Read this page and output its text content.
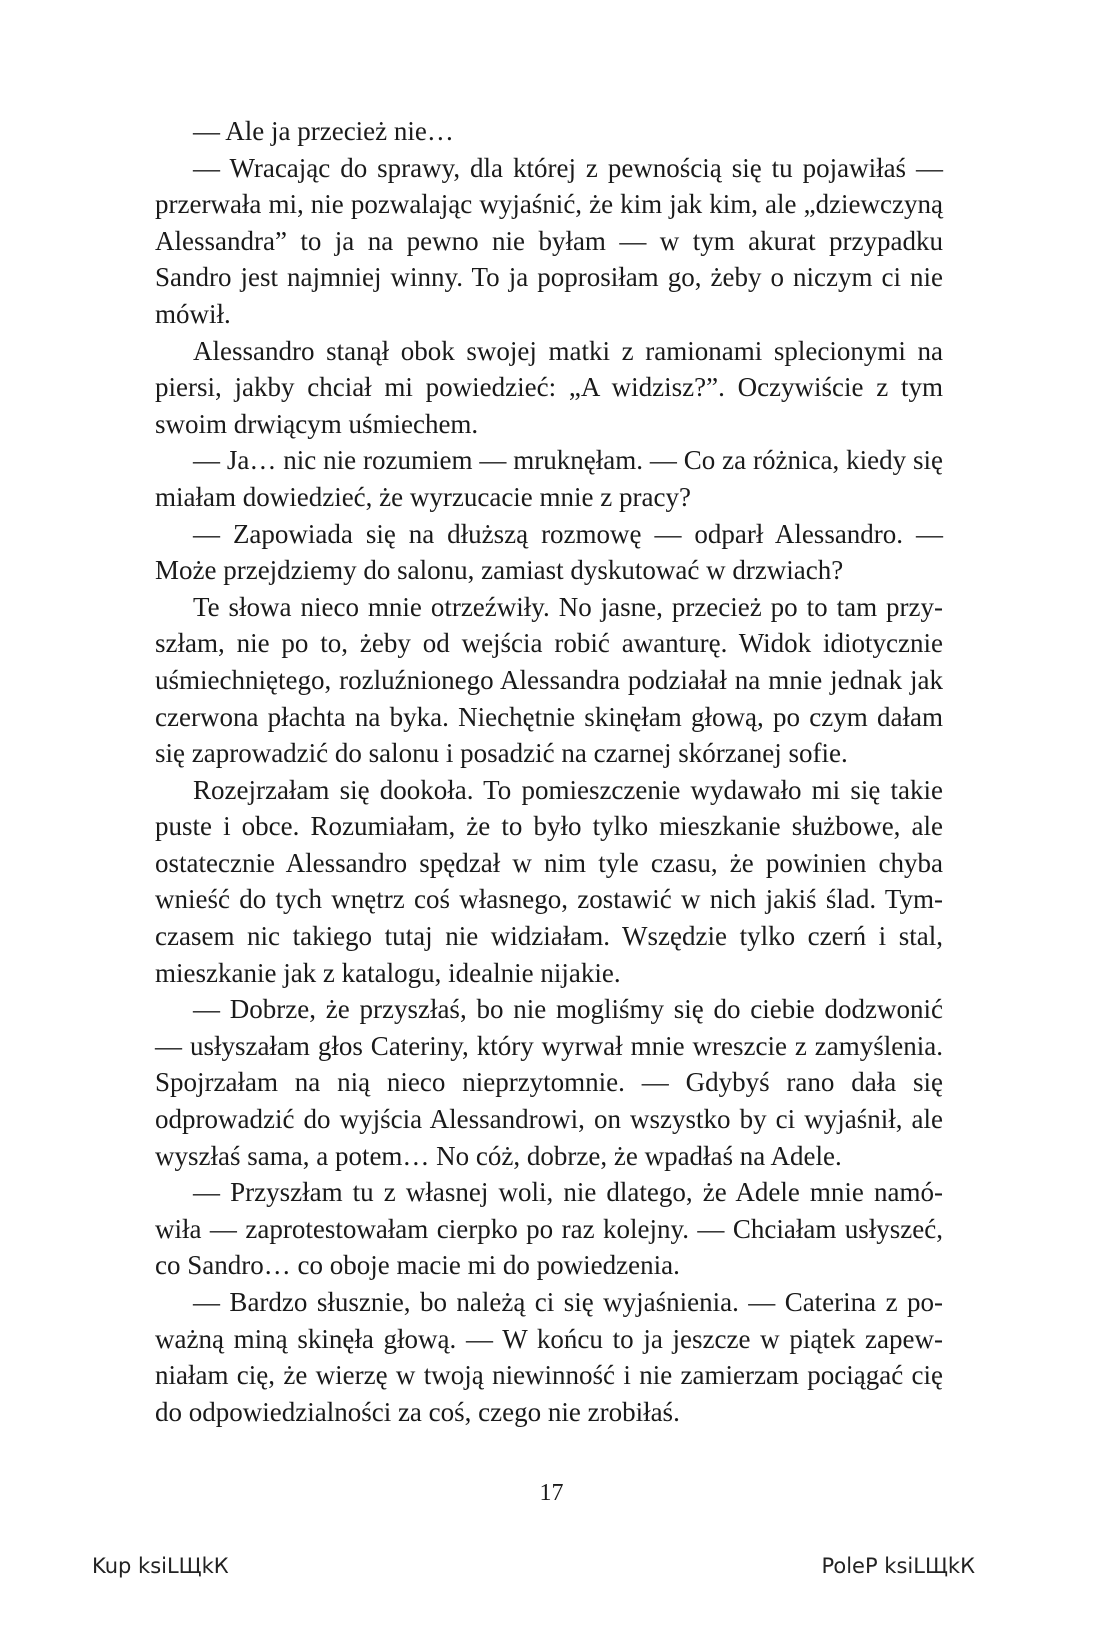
— Ale ja przecież nie…

— Wracając do sprawy, dla której z pewnością się tu pojawiłaś — przerwała mi, nie pozwalając wyjaśnić, że kim jak kim, ale „dziewczyną Alessandra” to ja na pewno nie byłam — w tym akurat przypadku Sandro jest najmniej winny. To ja poprosiłam go, żeby o niczym ci nie mówił.

Alessandro stanął obok swojej matki z ramionami splecionymi na piersi, jakby chciał mi powiedzieć: „A widzisz?”. Oczywiście z tym swoim drwiącym uśmiechem.

— Ja… nic nie rozumiem — mruknęłam. — Co za różnica, kiedy się miałam dowiedzieć, że wyrzucacie mnie z pracy?

— Zapowiada się na dłuższą rozmowę — odparł Alessandro. — Może przejdziemy do salonu, zamiast dyskutować w drzwiach?

Te słowa nieco mnie otrzeźwiły. No jasne, przecież po to tam przyszłam, nie po to, żeby od wejścia robić awanturę. Widok idiotycznie uśmiechniętego, rozluźnionego Alessandra podziałał na mnie jednak jak czerwona płachta na byka. Niechętnie skinęłam głową, po czym dałam się zaprowadzić do salonu i posadzić na czarnej skórzanej sofie.

Rozejrzałam się dookoła. To pomieszczenie wydawało mi się takie puste i obce. Rozumiałam, że to było tylko mieszkanie służbowe, ale ostatecznie Alessandro spędzał w nim tyle czasu, że powinien chyba wnieść do tych wnętrz coś własnego, zostawić w nich jakiś ślad. Tymczasem nic takiego tutaj nie widziałam. Wszędzie tylko czerń i stal, mieszkanie jak z katalogu, idealnie nijakie.

— Dobrze, że przyszłaś, bo nie mogliśmy się do ciebie dodzwonić — usłyszałam głos Cateriny, który wyrwał mnie wreszcie z zamyślenia. Spojrzałam na nią nieco nieprzytomnie. — Gdybyś rano dała się odprowadzić do wyjścia Alessandrowi, on wszystko by ci wyjaśnił, ale wyszłaś sama, a potem… No cóż, dobrze, że wpadłaś na Adele.

— Przyszłam tu z własnej woli, nie dlatego, że Adele mnie namówiła — zaprotestowałam cierpko po raz kolejny. — Chciałam usłyszeć, co Sandro… co oboje macie mi do powiedzenia.

— Bardzo słusznie, bo należą ci się wyjaśnienia. — Caterina z poważną miną skinęła głową. — W końcu to ja jeszcze w piątek zapewniałam cię, że wierzę w twoją niewinność i nie zamierzam pociągać cię do odpowiedzialności za coś, czego nie zrobiłaś.

17
Kup ksiLЩkК	PoleР ksiLЩkК
